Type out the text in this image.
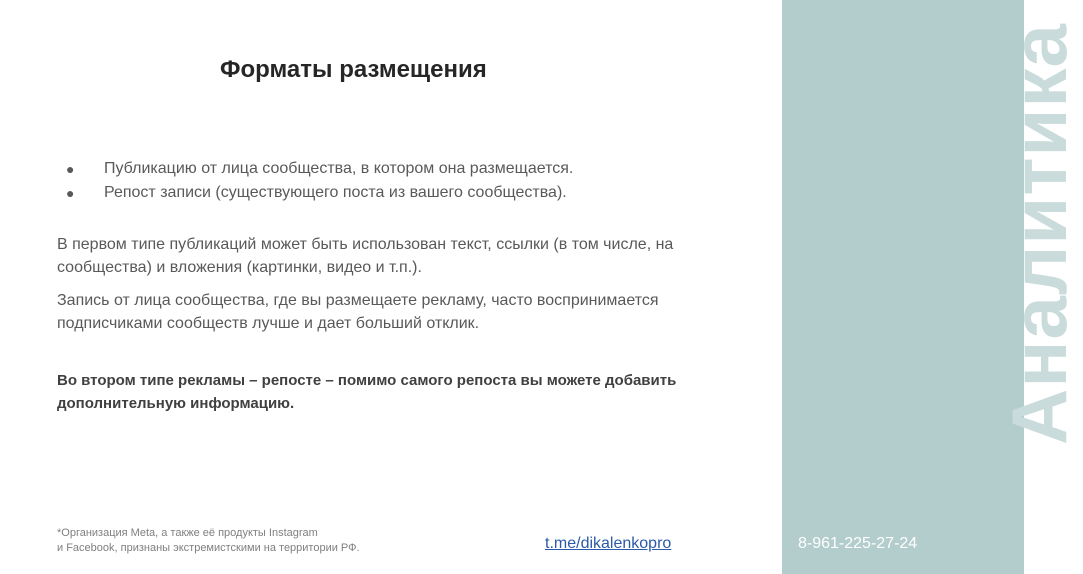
Аналитика
Форматы размещения
● Публикацию от лица сообщества, в котором она размещается.
● Репост записи (существующего поста из вашего сообщества).

В первом типе публикаций может быть использован текст, ссылки (в том числе, на сообщества) и вложения (картинки, видео и т.п.).

Запись от лица сообщества, где вы размещаете рекламу, часто воспринимается подписчиками сообществ лучше и дает больший отклик.

Во втором типе рекламы – репосте – помимо самого репоста вы можете добавить дополнительную информацию.

*Организация Meta, а также её продукты Instagram
и Facebook, признаны экстремистскими на территории РФ.	t.me/dikalenkopro	8-961-225-27-24
